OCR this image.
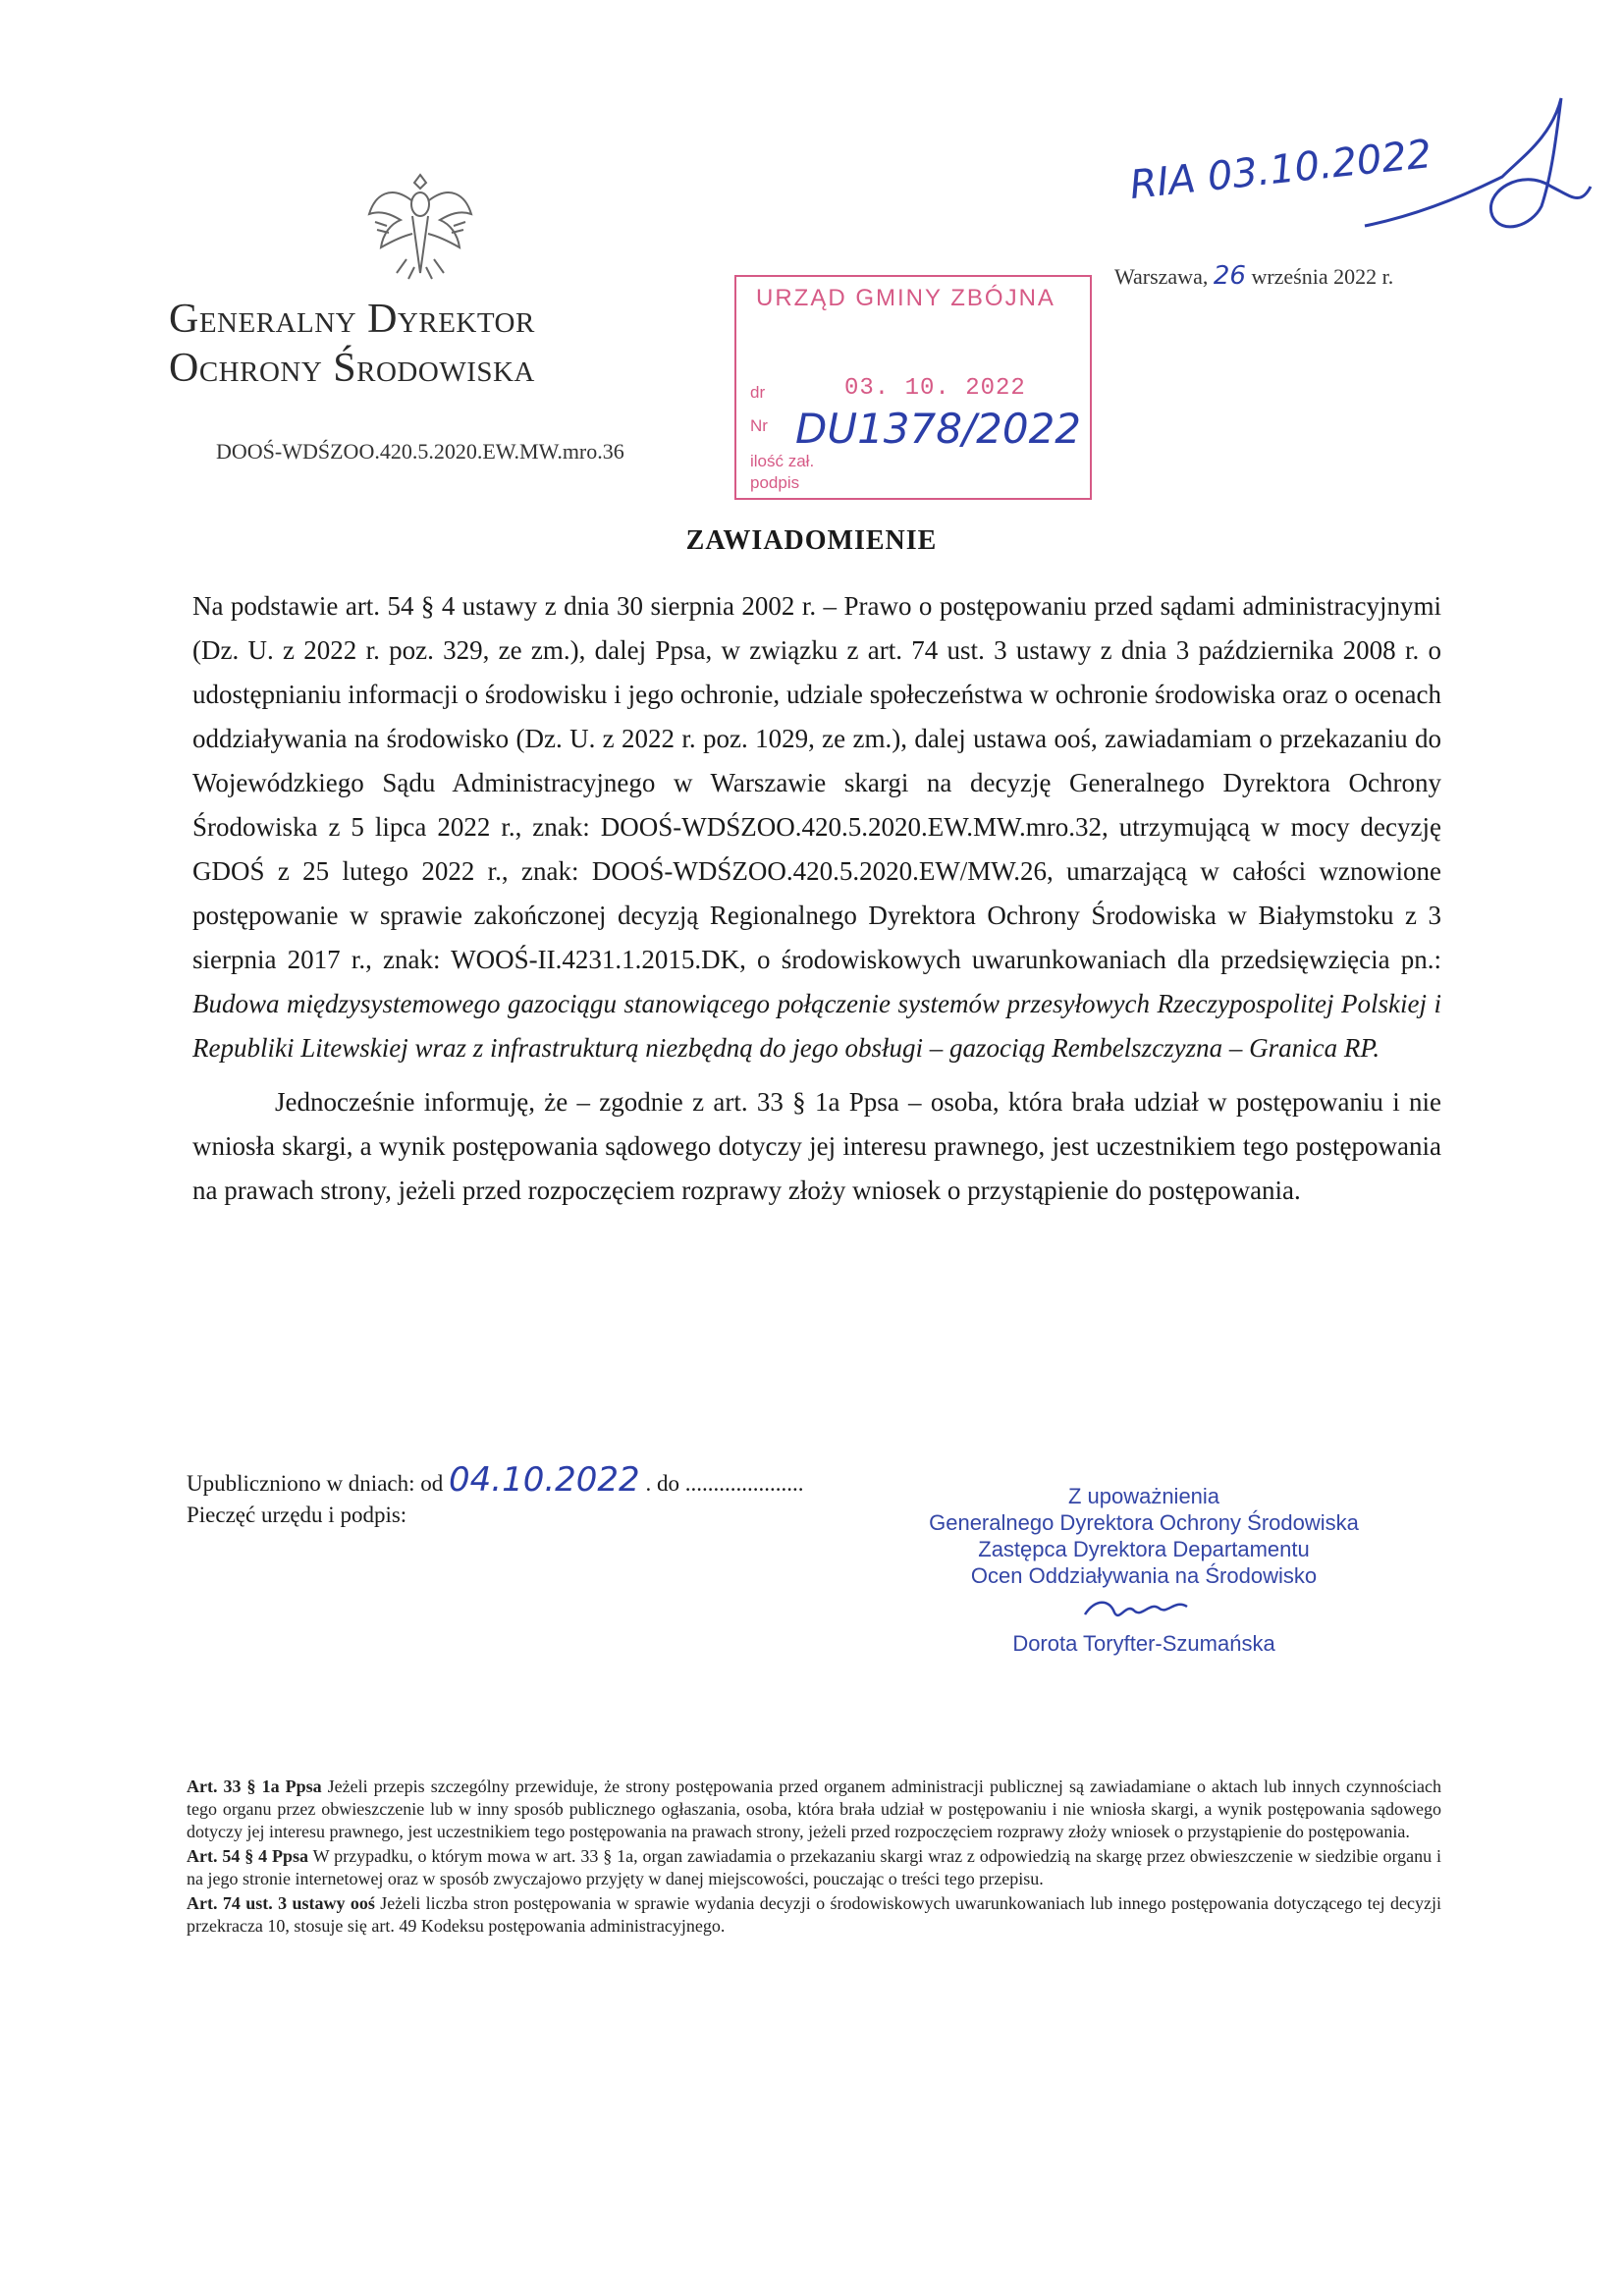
Generalny Dyrektor
Ochrony Środowiska
DOOŚ-WDŚZOO.420.5.2020.EW.MW.mro.36
RIA 03.10.2022
Warszawa, 26 września 2022 r.
URZĄD GMINY ZBÓJNA
dr	03. 10. 2022
Nr DU1378/2022
ilość zał.
podpis
ZAWIADOMIENIE

Na podstawie art. 54 § 4 ustawy z dnia 30 sierpnia 2002 r. – Prawo o postępowaniu przed sądami administracyjnymi (Dz. U. z 2022 r. poz. 329, ze zm.), dalej Ppsa, w związku z art. 74 ust. 3 ustawy z dnia 3 października 2008 r. o udostępnianiu informacji o środowisku i jego ochronie, udziale społeczeństwa w ochronie środowiska oraz o ocenach oddziaływania na środowisko (Dz. U. z 2022 r. poz. 1029, ze zm.), dalej ustawa ooś, zawiadamiam o przekazaniu do Wojewódzkiego Sądu Administracyjnego w Warszawie skargi na decyzję Generalnego Dyrektora Ochrony Środowiska z 5 lipca 2022 r., znak: DOOŚ-WDŚZOO.420.5.2020.EW.MW.mro.32, utrzymującą w mocy decyzję GDOŚ z 25 lutego 2022 r., znak: DOOŚ-WDŚZOO.420.5.2020.EW/MW.26, umarzającą w całości wznowione postępowanie w sprawie zakończonej decyzją Regionalnego Dyrektora Ochrony Środowiska w Białymstoku z 3 sierpnia 2017 r., znak: WOOŚ-II.4231.1.2015.DK, o środowiskowych uwarunkowaniach dla przedsięwzięcia pn.: Budowa międzysystemowego gazociągu stanowiącego połączenie systemów przesyłowych Rzeczypospolitej Polskiej i Republiki Litewskiej wraz z infrastrukturą niezbędną do jego obsługi – gazociąg Rembelszczyzna – Granica RP.

Jednocześnie informuję, że – zgodnie z art. 33 § 1a Ppsa – osoba, która brała udział w postępowaniu i nie wniosła skargi, a wynik postępowania sądowego dotyczy jej interesu prawnego, jest uczestnikiem tego postępowania na prawach strony, jeżeli przed rozpoczęciem rozprawy złoży wniosek o przystąpienie do postępowania.

Upubliczniono w dniach: od 04.10.2022 . do .....................
Pieczęć urzędu i podpis:
Z upoważnienia
Generalnego Dyrektora Ochrony Środowiska
Zastępca Dyrektora Departamentu
Ocen Oddziaływania na Środowisko
Dorota Toryfter-Szumańska

Art. 33 § 1a Ppsa Jeżeli przepis szczególny przewiduje, że strony postępowania przed organem administracji publicznej są zawiadamiane o aktach lub innych czynnościach tego organu przez obwieszczenie lub w inny sposób publicznego ogłaszania, osoba, która brała udział w postępowaniu i nie wniosła skargi, a wynik postępowania sądowego dotyczy jej interesu prawnego, jest uczestnikiem tego postępowania na prawach strony, jeżeli przed rozpoczęciem rozprawy złoży wniosek o przystąpienie do postępowania.

Art. 54 § 4 Ppsa W przypadku, o którym mowa w art. 33 § 1a, organ zawiadamia o przekazaniu skargi wraz z odpowiedzią na skargę przez obwieszczenie w siedzibie organu i na jego stronie internetowej oraz w sposób zwyczajowo przyjęty w danej miejscowości, pouczając o treści tego przepisu.

Art. 74 ust. 3 ustawy ooś Jeżeli liczba stron postępowania w sprawie wydania decyzji o środowiskowych uwarunkowaniach lub innego postępowania dotyczącego tej decyzji przekracza 10, stosuje się art. 49 Kodeksu postępowania administracyjnego.
